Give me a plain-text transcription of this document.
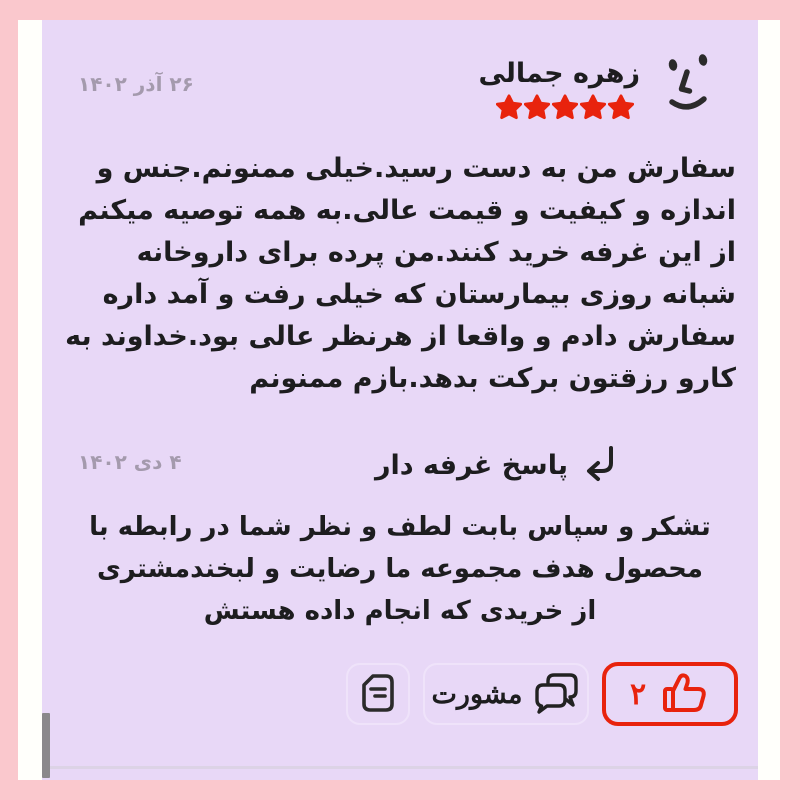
۲۶ آذر ۱۴۰۲	زهره جمالی

سفارش من به دست رسید.خیلی ممنونم.جنس و اندازه و کیفیت و قیمت عالی.به همه توصیه میکنم از این غرفه خرید کنند.من پرده برای داروخانه شبانه روزی بیمارستان که خیلی رفت و آمد داره سفارش دادم و واقعا از هرنظر عالی بود.خداوند به کارو رزقتون برکت بدهد.بازم ممنونم

پاسخ غرفه دار
۴ دی ۱۴۰۲

تشکر و سپاس بابت لطف و نظر شما در رابطه با محصول هدف مجموعه ما رضایت و لبخندمشتری از خریدی که انجام داده هستش

مشورت	۲
